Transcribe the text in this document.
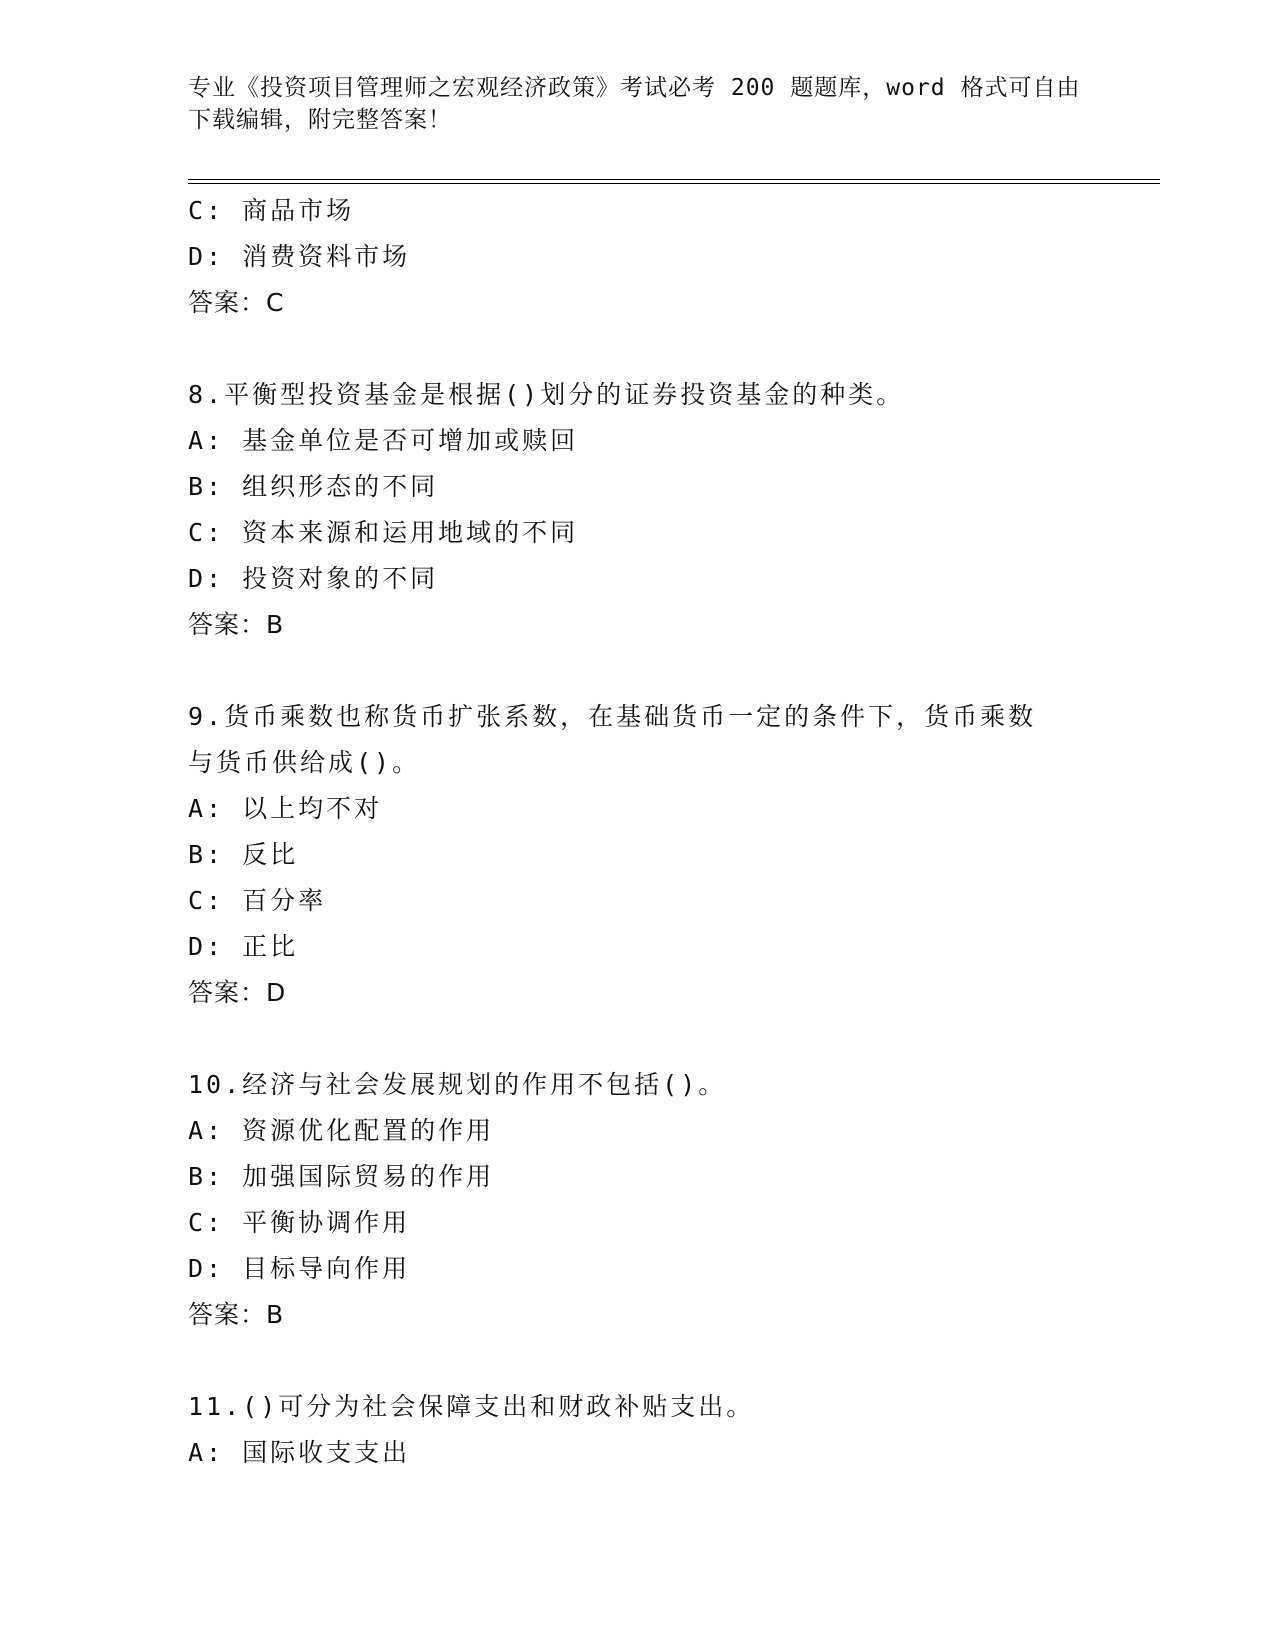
专业《投资项目管理师之宏观经济政策》考试必考 200 题题库，word 格式可自由
下载编辑，附完整答案！
C: 商品市场
D: 消费资料市场
答案：C
8.平衡型投资基金是根据()划分的证券投资基金的种类。
A: 基金单位是否可增加或赎回
B: 组织形态的不同
C: 资本来源和运用地域的不同
D: 投资对象的不同
答案：B
9.货币乘数也称货币扩张系数，在基础货币一定的条件下，货币乘数
与货币供给成()。
A: 以上均不对
B: 反比
C: 百分率
D: 正比
答案：D
10.经济与社会发展规划的作用不包括()。
A: 资源优化配置的作用
B: 加强国际贸易的作用
C: 平衡协调作用
D: 目标导向作用
答案：B
11.()可分为社会保障支出和财政补贴支出。
A: 国际收支支出
